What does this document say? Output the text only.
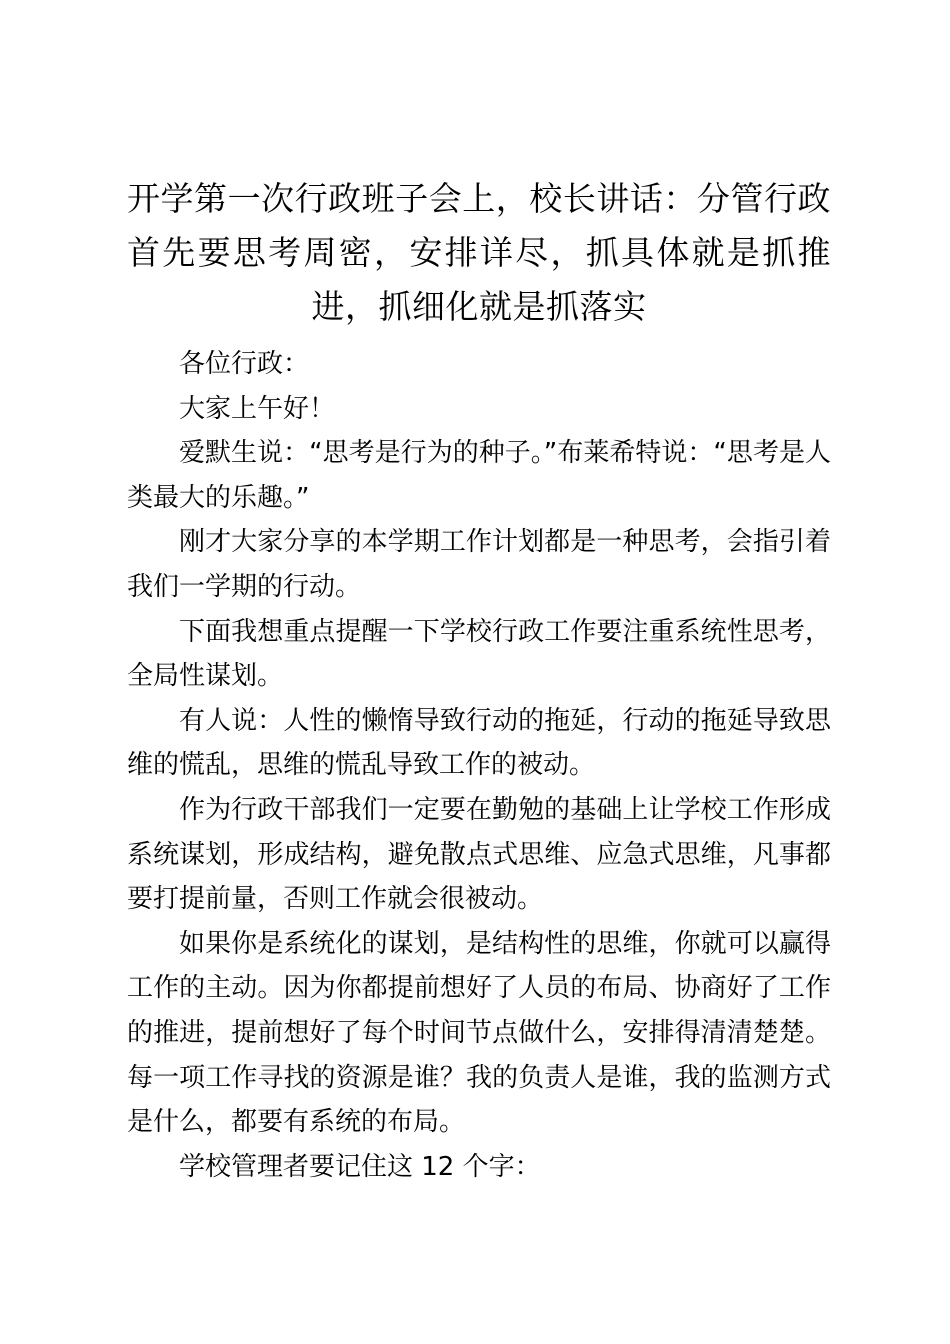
开学第一次行政班子会上，校长讲话：分管行政首先要思考周密，安排详尽，抓具体就是抓推进，抓细化就是抓落实

各位行政：

大家上午好！

爱默生说：“思考是行为的种子。”布莱希特说：“思考是人类最大的乐趣。”

刚才大家分享的本学期工作计划都是一种思考，会指引着我们一学期的行动。

下面我想重点提醒一下学校行政工作要注重系统性思考，全局性谋划。

有人说：人性的懒惰导致行动的拖延，行动的拖延导致思维的慌乱，思维的慌乱导致工作的被动。

作为行政干部我们一定要在勤勉的基础上让学校工作形成系统谋划，形成结构，避免散点式思维、应急式思维，凡事都要打提前量，否则工作就会很被动。

如果你是系统化的谋划，是结构性的思维，你就可以赢得工作的主动。因为你都提前想好了人员的布局、协商好了工作的推进，提前想好了每个时间节点做什么，安排得清清楚楚。每一项工作寻找的资源是谁？我的负责人是谁，我的监测方式是什么，都要有系统的布局。

学校管理者要记住这 12 个字：
